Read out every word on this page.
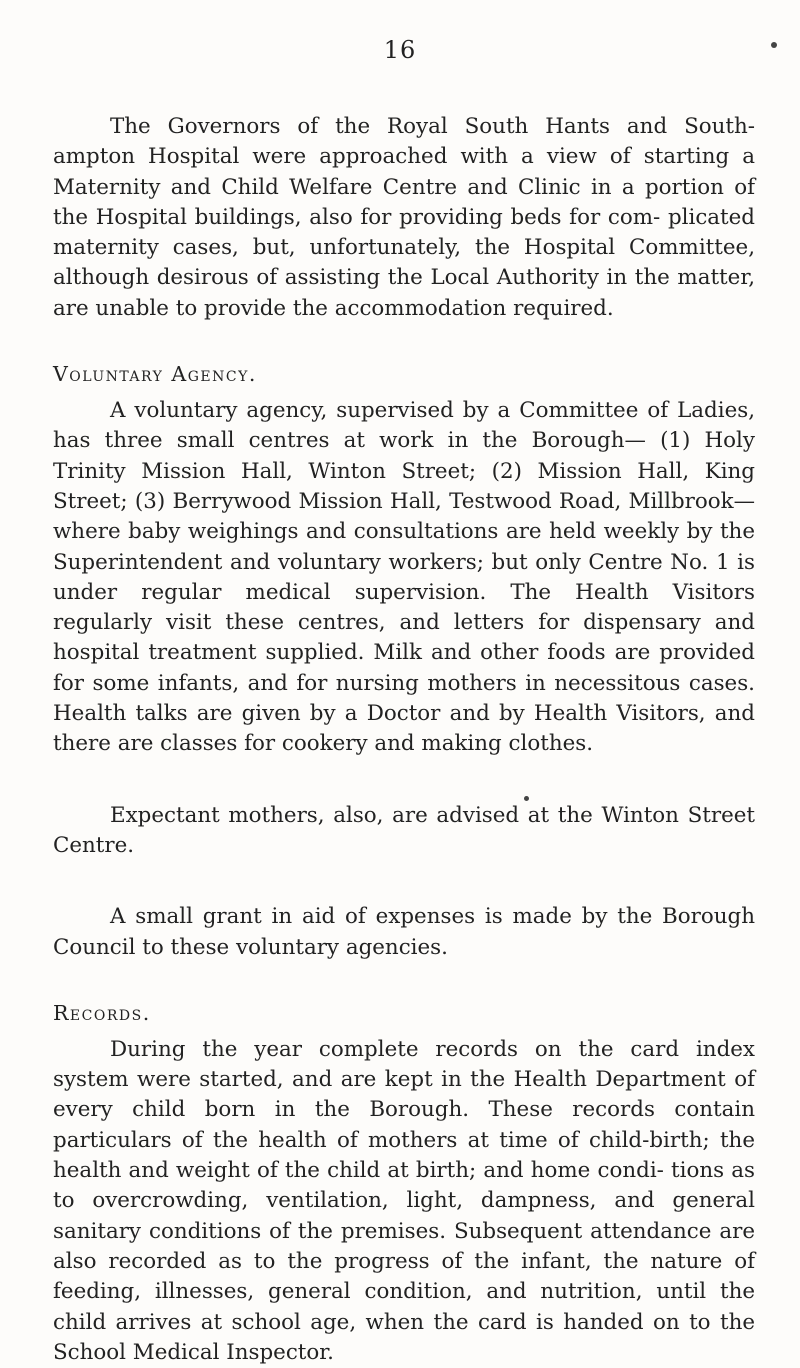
16

The Governors of the Royal South Hants and South- ampton Hospital were approached with a view of starting a Maternity and Child Welfare Centre and Clinic in a portion of the Hospital buildings, also for providing beds for com- plicated maternity cases, but, unfortunately, the Hospital Committee, although desirous of assisting the Local Authority in the matter, are unable to provide the accommodation required.

Voluntary Agency.

A voluntary agency, supervised by a Committee of Ladies, has three small centres at work in the Borough— (1) Holy Trinity Mission Hall, Winton Street; (2) Mission Hall, King Street; (3) Berrywood Mission Hall, Testwood Road, Millbrook—where baby weighings and consultations are held weekly by the Superintendent and voluntary workers; but only Centre No. 1 is under regular medical supervision. The Health Visitors regularly visit these centres, and letters for dispensary and hospital treatment supplied. Milk and other foods are provided for some infants, and for nursing mothers in necessitous cases. Health talks are given by a Doctor and by Health Visitors, and there are classes for cookery and making clothes.

Expectant mothers, also, are advised at the Winton Street Centre.

A small grant in aid of expenses is made by the Borough Council to these voluntary agencies.

Records.

During the year complete records on the card index system were started, and are kept in the Health Department of every child born in the Borough. These records contain particulars of the health of mothers at time of child-birth; the health and weight of the child at birth; and home condi- tions as to overcrowding, ventilation, light, dampness, and general sanitary conditions of the premises. Subsequent attendance are also recorded as to the progress of the infant, the nature of feeding, illnesses, general condition, and nutrition, until the child arrives at school age, when the card is handed on to the School Medical Inspector.
